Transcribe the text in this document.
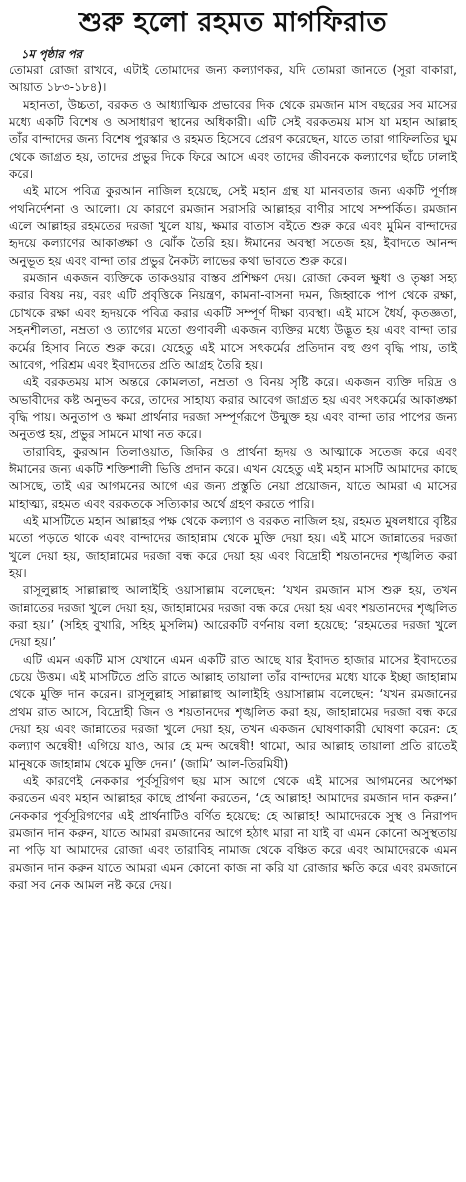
শুরু হলো রহমত মাগফিরাত
১ম পৃষ্ঠার পর

তোমরা রোজা রাখবে, এটাই তোমাদের জন্য কল্যাণকর, যদি তোমরা জানতে (সূরা বাকারা, আয়াত ১৮৩-১৮৪)।

মহানতা, উচ্চতা, বরকত ও আধ্যাত্মিক প্রভাবের দিক থেকে রমজান মাস বছরের সব মাসের মধ্যে একটি বিশেষ ও অসাধারণ স্থানের অধিকারী। এটি সেই বরকতময় মাস যা মহান আল্লাহ তাঁর বান্দাদের জন্য বিশেষ পুরস্কার ও রহমত হিসেবে প্রেরণ করেছেন, যাতে তারা গাফিলতির ঘুম থেকে জাগ্রত হয়, তাদের প্রভুর দিকে ফিরে আসে এবং তাদের জীবনকে কল্যাণের ছাঁচে ঢালাই করে।

এই মাসে পবিত্র কুরআন নাজিল হয়েছে, সেই মহান গ্রন্থ যা মানবতার জন্য একটি পূর্ণাঙ্গ পথনির্দেশনা ও আলো। যে কারণে রমজান সরাসরি আল্লাহর বাণীর সাথে সম্পর্কিত। রমজান এলে আল্লাহর রহমতের দরজা খুলে যায়, ক্ষমার বাতাস বইতে শুরু করে এবং মুমিন বান্দাদের হৃদয়ে কল্যাণের আকাঙ্ক্ষা ও ঝোঁক তৈরি হয়। ঈমানের অবস্থা সতেজ হয়, ইবাদতে আনন্দ অনুভূত হয় এবং বান্দা তার প্রভুর নৈকট্য লাভের কথা ভাবতে শুরু করে।

রমজান একজন ব্যক্তিকে তাকওয়ার বাস্তব প্রশিক্ষণ দেয়। রোজা কেবল ক্ষুধা ও তৃষ্ণা সহ্য করার বিষয় নয়, বরং এটি প্রবৃত্তিকে নিয়ন্ত্রণ, কামনা-বাসনা দমন, জিহ্বাকে পাপ থেকে রক্ষা, চোখকে রক্ষা এবং হৃদয়কে পবিত্র করার একটি সম্পূর্ণ দীক্ষা ব্যবস্থা। এই মাসে ধৈর্য, কৃতজ্ঞতা, সহনশীলতা, নম্রতা ও ত্যাগের মতো গুণাবলী একজন ব্যক্তির মধ্যে উদ্ভূত হয় এবং বান্দা তার কর্মের হিসাব নিতে শুরু করে। যেহেতু এই মাসে সৎকর্মের প্রতিদান বহু গুণ বৃদ্ধি পায়, তাই আবেগ, পরিশ্রম এবং ইবাদতের প্রতি আগ্রহ তৈরি হয়।

এই বরকতময় মাস অন্তরে কোমলতা, নম্রতা ও বিনয় সৃষ্টি করে। একজন ব্যক্তি দরিদ্র ও অভাবীদের কষ্ট অনুভব করে, তাদের সাহায্য করার আবেগ জাগ্রত হয় এবং সৎকর্মের আকাঙ্ক্ষা বৃদ্ধি পায়। অনুতাপ ও ক্ষমা প্রার্থনার দরজা সম্পূর্ণরূপে উন্মুক্ত হয় এবং বান্দা তার পাপের জন্য অনুতপ্ত হয়, প্রভুর সামনে মাথা নত করে।

তারাবিহ, কুরআন তিলাওয়াত, জিকির ও প্রার্থনা হৃদয় ও আত্মাকে সতেজ করে এবং ঈমানের জন্য একটি শক্তিশালী ভিত্তি প্রদান করে। এখন যেহেতু এই মহান মাসটি আমাদের কাছে আসছে, তাই এর আগমনের আগে এর জন্য প্রস্তুতি নেয়া প্রয়োজন, যাতে আমরা এ মাসের মাহাত্ম্য, রহমত এবং বরকতকে সত্যিকার অর্থে গ্রহণ করতে পারি।

এই মাসটিতে মহান আল্লাহর পক্ষ থেকে কল্যাণ ও বরকত নাজিল হয়, রহমত মুষলধারে বৃষ্টির মতো পড়তে থাকে এবং বান্দাদের জাহান্নাম থেকে মুক্তি দেয়া হয়। এই মাসে জান্নাতের দরজা খুলে দেয়া হয়, জাহান্নামের দরজা বন্ধ করে দেয়া হয় এবং বিদ্রোহী শয়তানদের শৃঙ্খলিত করা হয়।

রাসূলুল্লাহ সাল্লাল্লাহু আলাইহি ওয়াসাল্লাম বলেছেন: ‘যখন রমজান মাস শুরু হয়, তখন জান্নাতের দরজা খুলে দেয়া হয়, জাহান্নামের দরজা বন্ধ করে দেয়া হয় এবং শয়তানদের শৃঙ্খলিত করা হয়।’ (সহিহ বুখারি, সহিহ মুসলিম) আরেকটি বর্ণনায় বলা হয়েছে: ‘রহমতের দরজা খুলে দেয়া হয়।’

এটি এমন একটি মাস যেখানে এমন একটি রাত আছে যার ইবাদত হাজার মাসের ইবাদতের চেয়ে উত্তম। এই মাসটিতে প্রতি রাতে আল্লাহ তায়ালা তাঁর বান্দাদের মধ্যে যাকে ইচ্ছা জাহান্নাম থেকে মুক্তি দান করেন। রাসূলুল্লাহ সাল্লাল্লাহু আলাইহি ওয়াসাল্লাম বলেছেন: ‘যখন রমজানের প্রথম রাত আসে, বিদ্রোহী জিন ও শয়তানদের শৃঙ্খলিত করা হয়, জাহান্নামের দরজা বন্ধ করে দেয়া হয় এবং জান্নাতের দরজা খুলে দেয়া হয়, তখন একজন ঘোষণাকারী ঘোষণা করেন: হে কল্যাণ অন্বেষী! এগিয়ে যাও, আর হে মন্দ অন্বেষী! থামো, আর আল্লাহ তায়ালা প্রতি রাতেই মানুষকে জাহান্নাম থেকে মুক্তি দেন।’ (জামি’ আল-তিরমিযী)

এই কারণেই নেককার পূর্বসূরিগণ ছয় মাস আগে থেকে এই মাসের আগমনের অপেক্ষা করতেন এবং মহান আল্লাহর কাছে প্রার্থনা করতেন, ‘হে আল্লাহ! আমাদের রমজান দান করুন।’ নেককার পূর্বসূরিগণের এই প্রার্থনাটিও বর্ণিত হয়েছে: হে আল্লাহ! আমাদেরকে সুস্থ ও নিরাপদ রমজান দান করুন, যাতে আমরা রমজানের আগে হঠাৎ মারা না যাই বা এমন কোনো অসুস্থতায় না পড়ি যা আমাদের রোজা এবং তারাবিহ নামাজ থেকে বঞ্চিত করে এবং আমাদেরকে এমন রমজান দান করুন যাতে আমরা এমন কোনো কাজ না করি যা রোজার ক্ষতি করে এবং রমজানে করা সব নেক আমল নষ্ট করে দেয়।
